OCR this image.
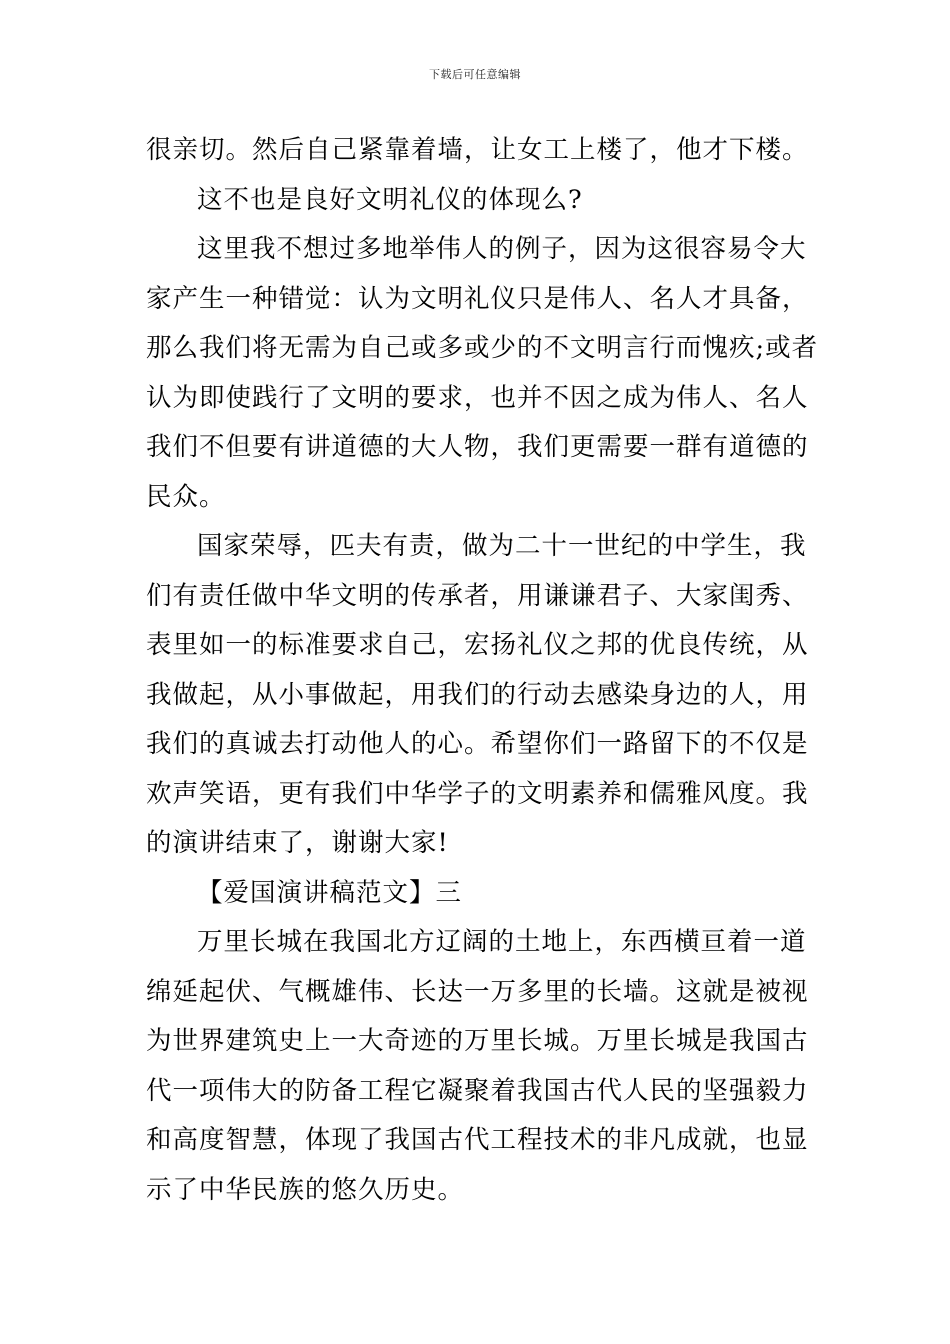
下载后可任意编辑
很亲切。然后自己紧靠着墙，让女工上楼了，他才下楼。
这不也是良好文明礼仪的体现么?
这里我不想过多地举伟人的例子，因为这很容易令大
家产生一种错觉：认为文明礼仪只是伟人、名人才具备，
那么我们将无需为自己或多或少的不文明言行而愧疚;或者
认为即使践行了文明的要求，也并不因之成为伟人、名人
我们不但要有讲道德的大人物，我们更需要一群有道德的
民众。
国家荣辱，匹夫有责，做为二十一世纪的中学生，我
们有责任做中华文明的传承者，用谦谦君子、大家闺秀、
表里如一的标准要求自己，宏扬礼仪之邦的优良传统，从
我做起，从小事做起，用我们的行动去感染身边的人，用
我们的真诚去打动他人的心。希望你们一路留下的不仅是
欢声笑语，更有我们中华学子的文明素养和儒雅风度。我
的演讲结束了，谢谢大家!
【爱国演讲稿范文】三
万里长城在我国北方辽阔的土地上，东西横亘着一道
绵延起伏、气概雄伟、长达一万多里的长墙。这就是被视
为世界建筑史上一大奇迹的万里长城。万里长城是我国古
代一项伟大的防备工程它凝聚着我国古代人民的坚强毅力
和高度智慧，体现了我国古代工程技术的非凡成就，也显
示了中华民族的悠久历史。
